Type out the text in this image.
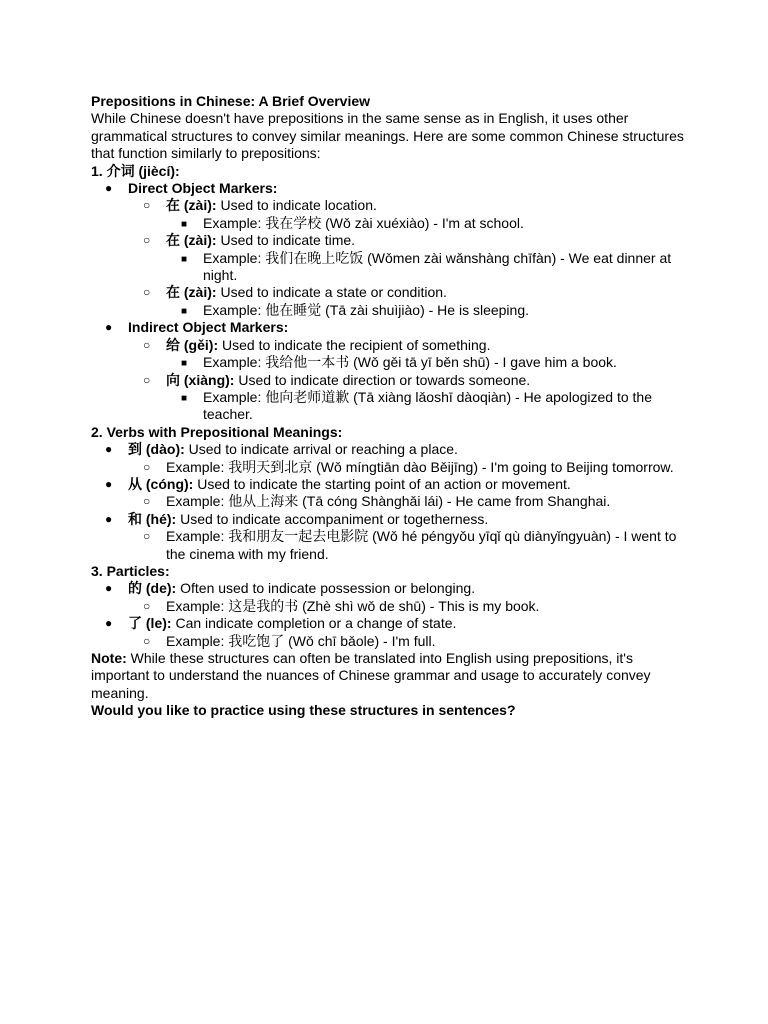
Prepositions in Chinese: A Brief Overview
While Chinese doesn't have prepositions in the same sense as in English, it uses other grammatical structures to convey similar meanings. Here are some common Chinese structures that function similarly to prepositions:
1. 介词 (jiècí):
● Direct Object Markers:
○ 在 (zài): Used to indicate location.
■ Example: 我在学校 (Wǒ zài xuéxiào) - I'm at school.
○ 在 (zài): Used to indicate time.
■ Example: 我们在晚上吃饭 (Wǒmen zài wǎnshàng chīfàn) - We eat dinner at night.
○ 在 (zài): Used to indicate a state or condition.
■ Example: 他在睡觉 (Tā zài shuìjiào) - He is sleeping.
● Indirect Object Markers:
○ 给 (gěi): Used to indicate the recipient of something.
■ Example: 我给他一本书 (Wǒ gěi tā yī běn shū) - I gave him a book.
○ 向 (xiàng): Used to indicate direction or towards someone.
■ Example: 他向老师道歉 (Tā xiàng lǎoshī dàoqiàn) - He apologized to the teacher.
2. Verbs with Prepositional Meanings:
● 到 (dào): Used to indicate arrival or reaching a place.
○ Example: 我明天到北京 (Wǒ míngtiān dào Běijīng) - I'm going to Beijing tomorrow.
● 从 (cóng): Used to indicate the starting point of an action or movement.
○ Example: 他从上海来 (Tā cóng Shànghǎi lái) - He came from Shanghai.
● 和 (hé): Used to indicate accompaniment or togetherness.
○ Example: 我和朋友一起去电影院 (Wǒ hé péngyǒu yīqǐ qù diànyǐngyuàn) - I went to the cinema with my friend.
3. Particles:
● 的 (de): Often used to indicate possession or belonging.
○ Example: 这是我的书 (Zhè shì wǒ de shū) - This is my book.
● 了 (le): Can indicate completion or a change of state.
○ Example: 我吃饱了 (Wǒ chī bǎole) - I'm full.
Note: While these structures can often be translated into English using prepositions, it's important to understand the nuances of Chinese grammar and usage to accurately convey meaning.
Would you like to practice using these structures in sentences?
